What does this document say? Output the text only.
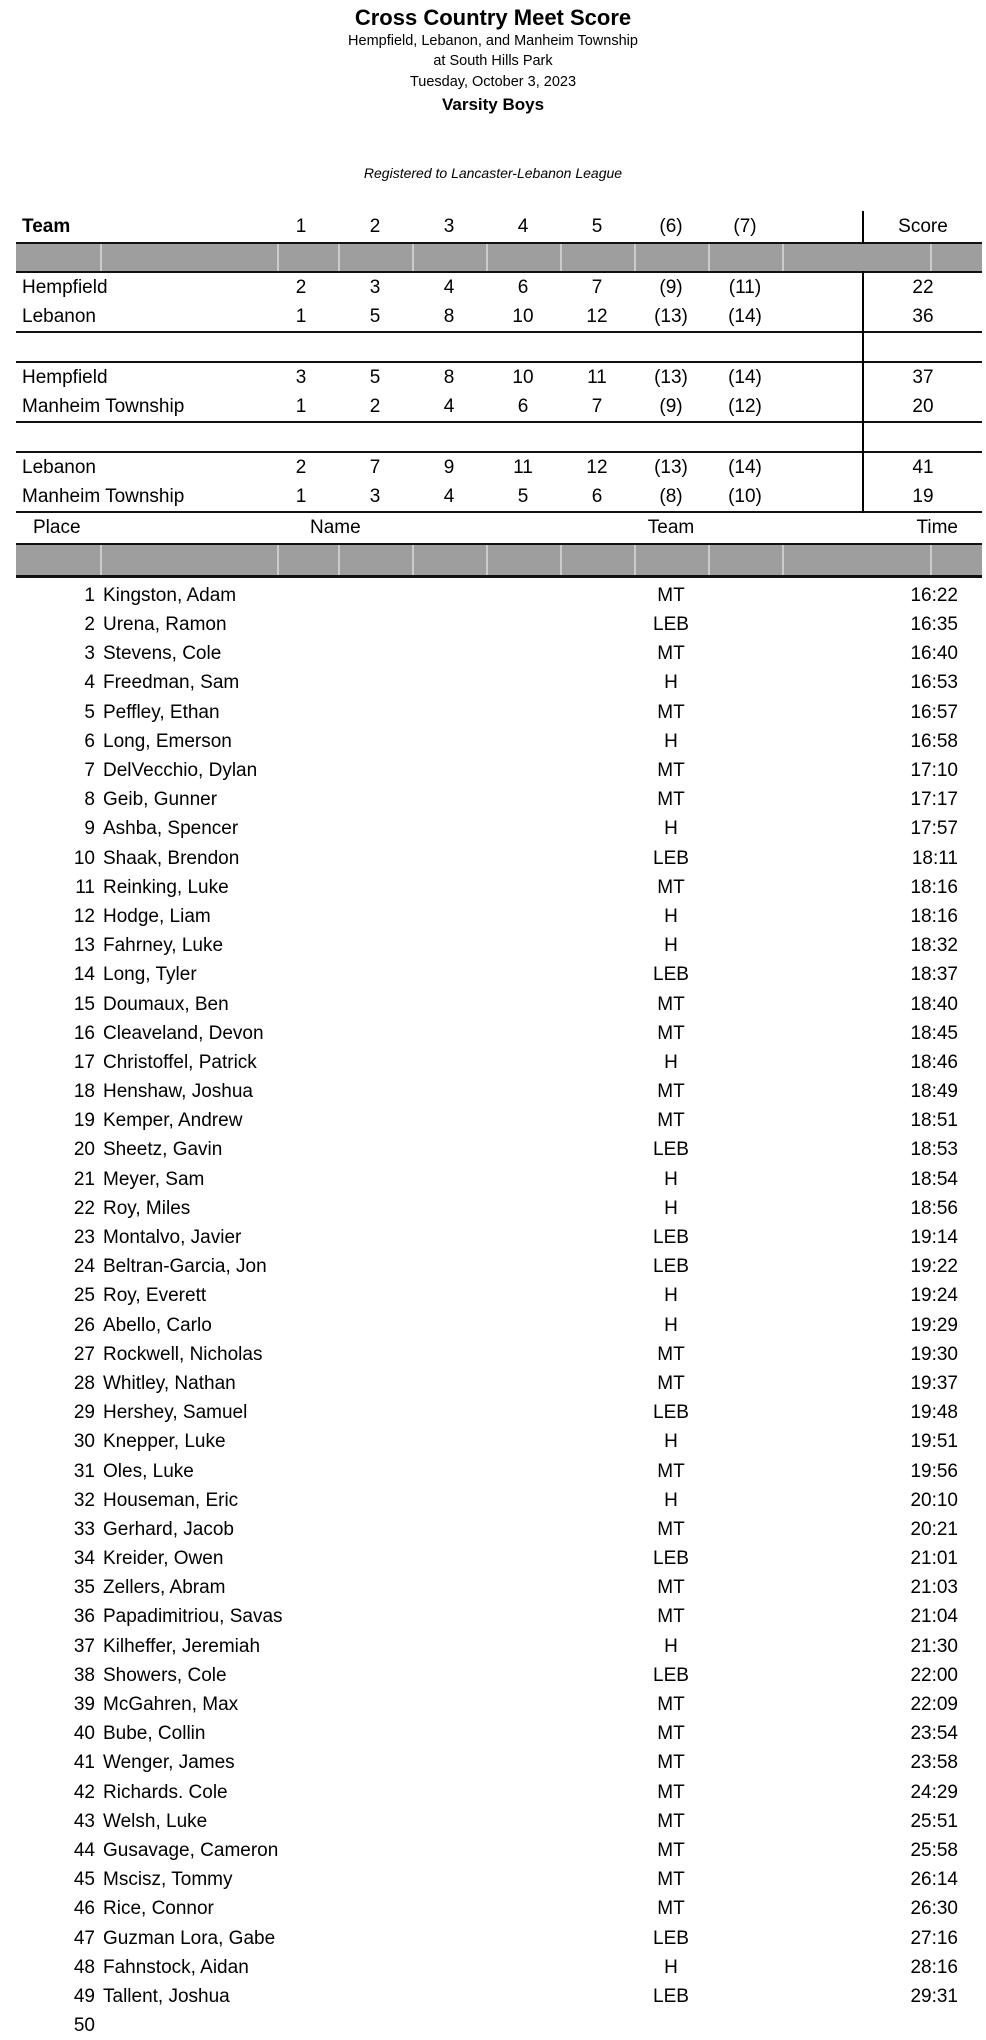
Cross Country Meet Score
Hempfield, Lebanon, and Manheim Township
at South Hills Park
Tuesday, October 3, 2023
Varsity Boys
Registered to Lancaster-Lebanon League
Team	1	2	3	4	5	(6)	(7)	Score
Hempfield	2	3	4	6	7	(9)	(11)	22
Lebanon	1	5	8	10	12	(13)	(14)	36
Hempfield	3	5	8	10	11	(13)	(14)	37
Manheim Township	1	2	4	6	7	(9)	(12)	20
Lebanon	2	7	9	11	12	(13)	(14)	41
Manheim Township	1	3	4	5	6	(8)	(10)	19
Place	Name	Team	Time
1 Kingston, Adam	MT	16:22
2 Urena, Ramon	LEB	16:35
3 Stevens, Cole	MT	16:40
4 Freedman, Sam	H	16:53
5 Peffley, Ethan	MT	16:57
6 Long, Emerson	H	16:58
7 DelVecchio, Dylan	MT	17:10
8 Geib, Gunner	MT	17:17
9 Ashba, Spencer	H	17:57
10 Shaak, Brendon	LEB	18:11
11 Reinking, Luke	MT	18:16
12 Hodge, Liam	H	18:16
13 Fahrney, Luke	H	18:32
14 Long, Tyler	LEB	18:37
15 Doumaux, Ben	MT	18:40
16 Cleaveland, Devon	MT	18:45
17 Christoffel, Patrick	H	18:46
18 Henshaw, Joshua	MT	18:49
19 Kemper, Andrew	MT	18:51
20 Sheetz, Gavin	LEB	18:53
21 Meyer, Sam	H	18:54
22 Roy, Miles	H	18:56
23 Montalvo, Javier	LEB	19:14
24 Beltran-Garcia, Jon	LEB	19:22
25 Roy, Everett	H	19:24
26 Abello, Carlo	H	19:29
27 Rockwell, Nicholas	MT	19:30
28 Whitley, Nathan	MT	19:37
29 Hershey, Samuel	LEB	19:48
30 Knepper, Luke	H	19:51
31 Oles, Luke	MT	19:56
32 Houseman, Eric	H	20:10
33 Gerhard, Jacob	MT	20:21
34 Kreider, Owen	LEB	21:01
35 Zellers, Abram	MT	21:03
36 Papadimitriou, Savas	MT	21:04
37 Kilheffer, Jeremiah	H	21:30
38 Showers, Cole	LEB	22:00
39 McGahren, Max	MT	22:09
40 Bube, Collin	MT	23:54
41 Wenger, James	MT	23:58
42 Richards. Cole	MT	24:29
43 Welsh, Luke	MT	25:51
44 Gusavage, Cameron	MT	25:58
45 Mscisz, Tommy	MT	26:14
46 Rice, Connor	MT	26:30
47 Guzman Lora, Gabe	LEB	27:16
48 Fahnstock, Aidan	H	28:16
49 Tallent, Joshua	LEB	29:31
50
